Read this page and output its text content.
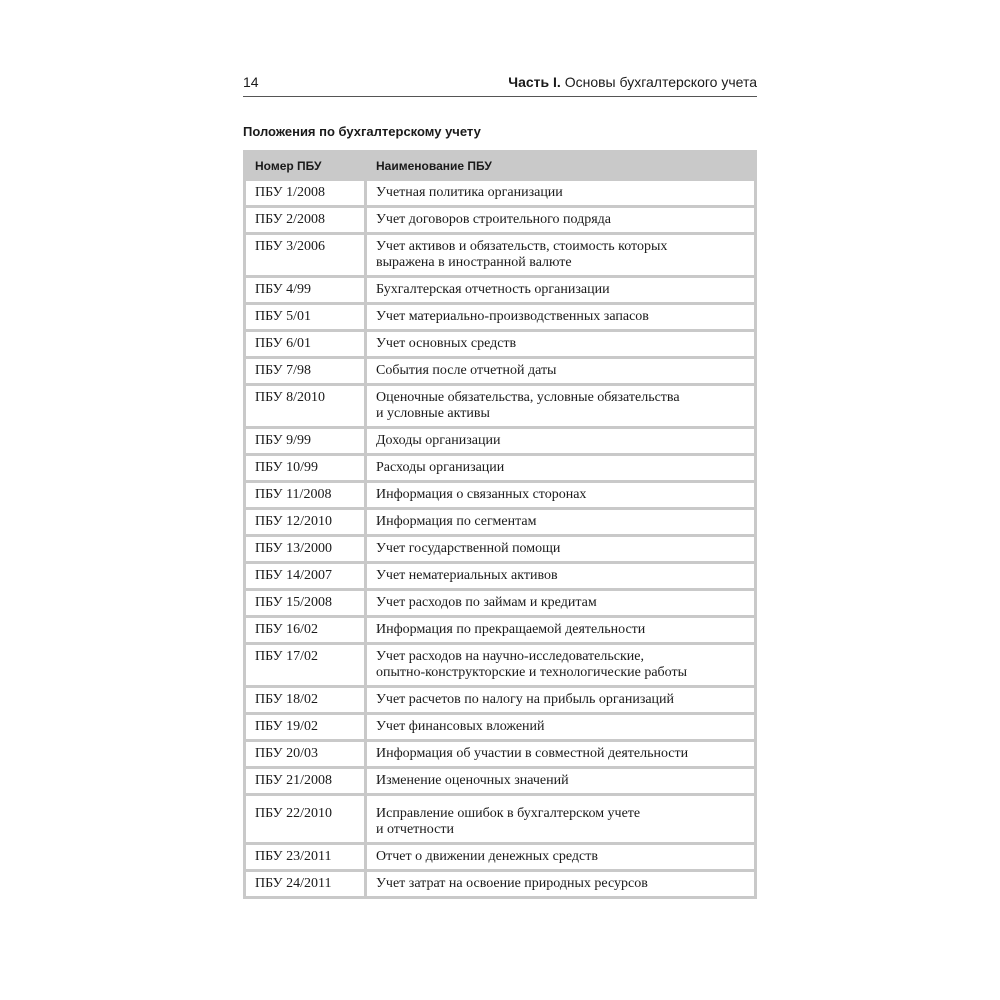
14	Часть I. Основы бухгалтерского учета
Положения по бухгалтерскому учету
Номер ПБУ	Наименование ПБУ
ПБУ 1/2008	Учетная политика организации
ПБУ 2/2008	Учет договоров строительного подряда
ПБУ 3/2006	Учет активов и обязательств, стоимость которых
выражена в иностранной валюте
ПБУ 4/99	Бухгалтерская отчетность организации
ПБУ 5/01	Учет материально-производственных запасов
ПБУ 6/01	Учет основных средств
ПБУ 7/98	События после отчетной даты
ПБУ 8/2010	Оценочные обязательства, условные обязательства
и условные активы
ПБУ 9/99	Доходы организации
ПБУ 10/99	Расходы организации
ПБУ 11/2008	Информация о связанных сторонах
ПБУ 12/2010	Информация по сегментам
ПБУ 13/2000	Учет государственной помощи
ПБУ 14/2007	Учет нематериальных активов
ПБУ 15/2008	Учет расходов по займам и кредитам
ПБУ 16/02	Информация по прекращаемой деятельности
ПБУ 17/02	Учет расходов на научно-исследовательские,
опытно-конструкторские и технологические работы
ПБУ 18/02	Учет расчетов по налогу на прибыль организаций
ПБУ 19/02	Учет финансовых вложений
ПБУ 20/03	Информация об участии в совместной деятельности
ПБУ 21/2008	Изменение оценочных значений
ПБУ 22/2010	Исправление ошибок в бухгалтерском учете
и отчетности
ПБУ 23/2011	Отчет о движении денежных средств
ПБУ 24/2011	Учет затрат на освоение природных ресурсов
